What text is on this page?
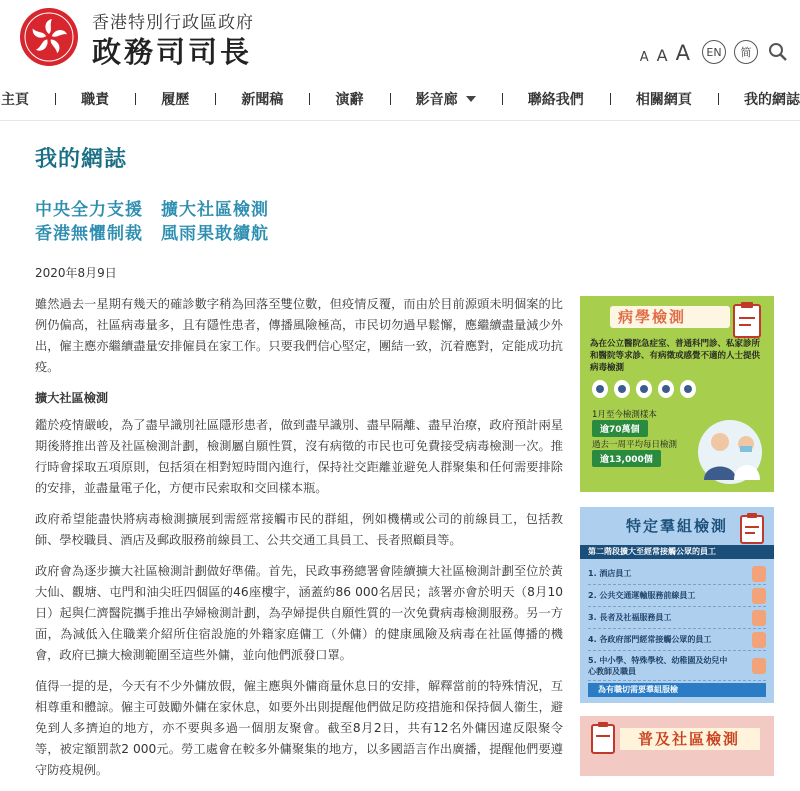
香港特別行政區政府
政務司司長	A A A	EN	简
主頁	職責	履歷	新聞稿	演辭	影音廊	聯絡我們	相關網頁	我的網誌
我的網誌
中央全力支援　擴大社區檢測
香港無懼制裁　風雨果敢續航
2020年8月9日

雖然過去一星期有幾天的確診數字稍為回落至雙位數，但疫情反覆，而由於目前源頭未明個案的比例仍偏高，社區病毒量多，且有隱性患者，傳播風險極高，市民切勿過早鬆懈，應繼續盡量減少外出，僱主應亦繼續盡量安排僱員在家工作。只要我們信心堅定，團結一致，沉着應對，定能成功抗疫。

擴大社區檢測

鑑於疫情嚴峻，為了盡早識別社區隱形患者，做到盡早識別、盡早隔離、盡早治療，政府預計兩星期後將推出普及社區檢測計劃，檢測屬自願性質，沒有病徵的市民也可免費接受病毒檢測一次。推行時會採取五項原則，包括須在相對短時間內進行，保持社交距離並避免人群聚集和任何需要排除的安排，並盡量電子化，方便市民索取和交回樣本瓶。

政府希望能盡快將病毒檢測擴展到需經常接觸市民的群組，例如機構或公司的前線員工，包括教師、學校職員、酒店及郵政服務前線員工、公共交通工具員工、長者照顧員等。

政府會為逐步擴大社區檢測計劃做好準備。首先，民政事務總署會陸續擴大社區檢測計劃至位於黃大仙、觀塘、屯門和油尖旺四個區的46座樓宇，涵蓋約86 000名居民；該署亦會於明天（8月10日）起與仁濟醫院攜手推出孕婦檢測計劃，為孕婦提供自願性質的一次免費病毒檢測服務。另一方面，為減低入住職業介紹所住宿設施的外籍家庭傭工（外傭）的健康風險及病毒在社區傳播的機會，政府已擴大檢測範圍至這些外傭，並向他們派發口罩。

值得一提的是，今天有不少外傭放假，僱主應與外傭商量休息日的安排，解釋當前的特殊情況，互相尊重和體諒。僱主可鼓勵外傭在家休息，如要外出則提醒他們做足防疫措施和保持個人衞生，避免到人多擠迫的地方，亦不要與多過一個朋友聚會。截至8月2日，共有12名外傭因違反限聚令等，被定額罰款2 000元。勞工處會在較多外傭聚集的地方，以多國語言作出廣播，提醒他們要遵守防疫規例。

病學檢測
為在公立醫院急症室、普通科門診、私家診所和醫院等求診、有病徵或感覺不適的人士提供病毒檢測
1月至今檢測樣本
逾70萬個
過去一周平均每日檢測
逾13,000個
特定羣組檢測
第二階段擴大至經常接觸公眾的員工
1. 酒店員工
2. 公共交通運輸服務前線員工
3. 長者及社福服務員工
4. 各政府部門經常接觸公眾的員工
5. 中小學、特殊學校、幼稚園及幼兒中心教師及職員
為有職切需要羣組服檢
普及社區檢測
